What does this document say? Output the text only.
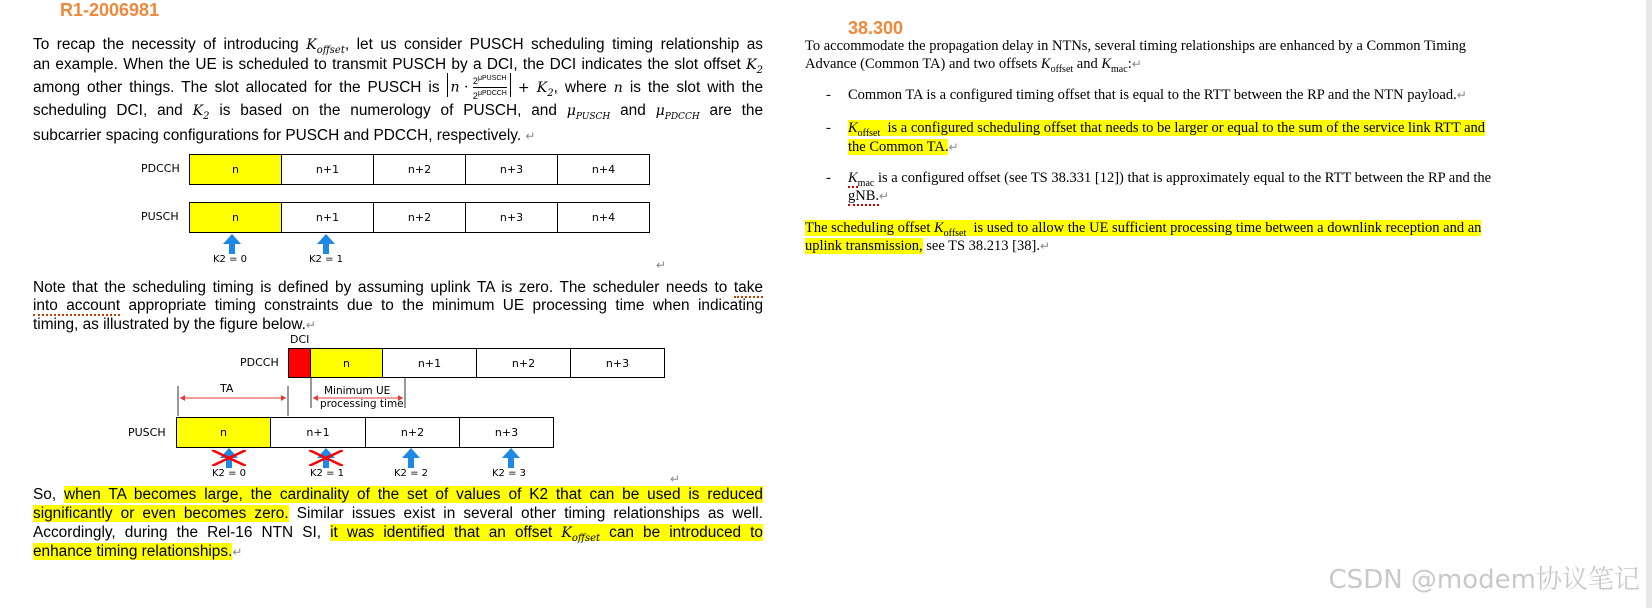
R1-2006981
To recap the necessity of introducing $K_{offset}$, let us consider PUSCH scheduling timing relationship as
an example. When the UE is scheduled to transmit PUSCH by a DCI, the DCI indicates the slot offset $K_2$
among other things. The slot allocated for the PUSCH is $n \cdot 2^{\mu PUSCH}$
$2^{\mu PDCCH} + K_2$, where n is the slot with the
scheduling DCI, and $K_2$ is based on the numerology of PUSCH, and $\mu_{PUSCH}$ and $\mu_{PDCCH}$ are the
subcarrier spacing configurations for PUSCH and PDCCH, respectively. ↵
PDCCH	n	n+1	n+2	n+3	n+4
PUSCH	n	n+1	n+2	n+3	n+4
K2 = 0	K2 = 1	↵
Note that the scheduling timing is defined by assuming uplink TA is zero. The scheduler needs to take
into account appropriate timing constraints due to the minimum UE processing time when indicating
timing, as illustrated by the figure below.↵
DCI
PDCCH	n	n+1	n+2	n+3
TA	Minimum UE
processing time
PUSCH	n	n+1	n+2	n+3
K2 = 0	K2 = 1	K2 = 2	K2 = 3	↵
So, when TA becomes large, the cardinality of the set of values of K2 that can be used is reduced
significantly or even becomes zero. Similar issues exist in several other timing relationships as well.
Accordingly, during the Rel-16 NTN SI, it was identified that an offset $K_{offset}$ can be introduced to
enhance timing relationships.↵
38.300
To accommodate the propagation delay in NTNs, several timing relationships are enhanced by a Common Timing
Advance (Common TA) and two offsets $K_{offset}$ and $K_{mac}:↵$
- Common TA is a configured timing offset that is equal to the RTT between the RP and the NTN payload.↵
- $K_{offset}$ is a configured scheduling offset that needs to be larger or equal to the sum of the service link RTT and
the Common TA.↵
- $K_{mac}$ is a configured offset (see TS 38.331 [12]) that is approximately equal to the RTT between the RP and the
gNB.↵
The scheduling offset $K_{offset}$ is used to allow the UE sufficient processing time between a downlink reception and an
uplink transmission, see TS 38.213 [38].↵
CSDN @modem协议笔记
